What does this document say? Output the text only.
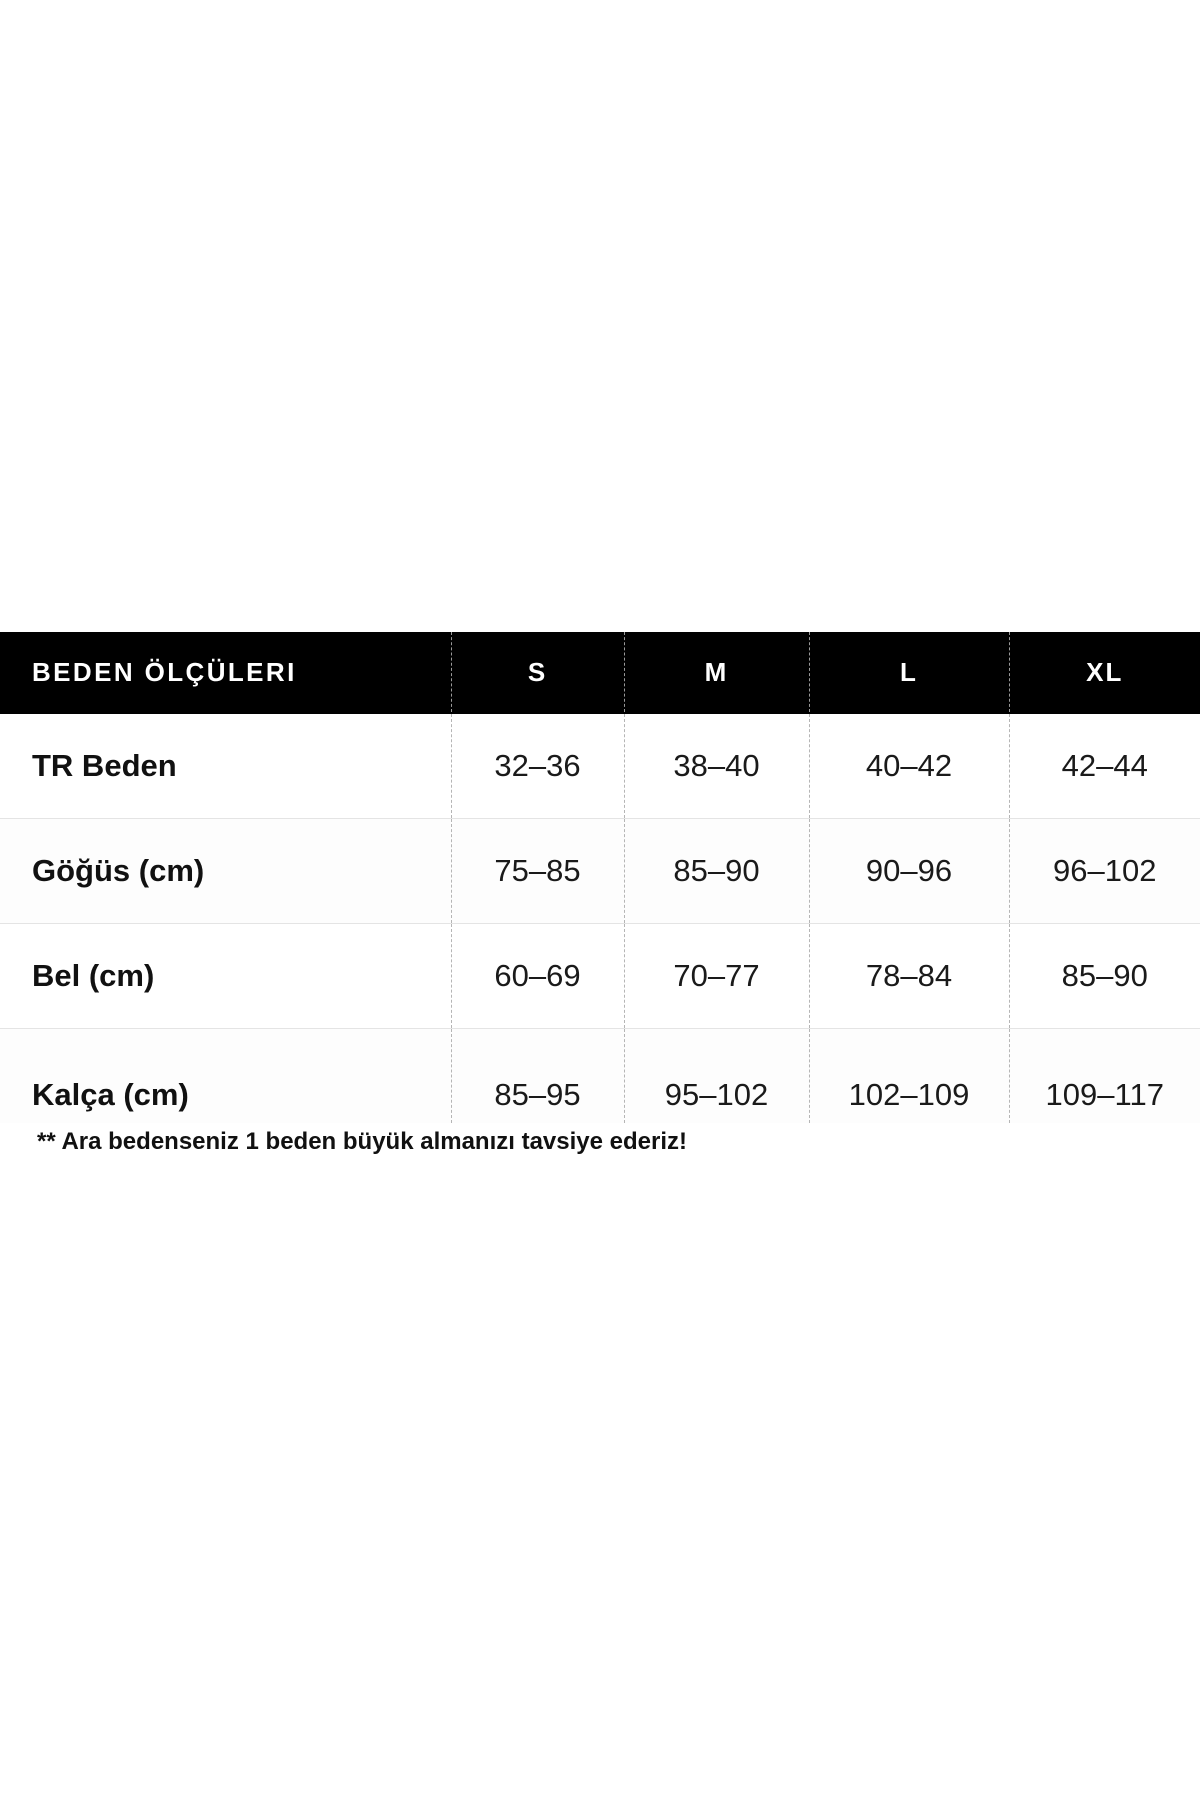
BEDEN ÖLÇÜLERI	S	M	L	XL
TR Beden	32–36	38–40	40–42	42–44
Göğüs (cm)	75–85	85–90	90–96	96–102
Bel (cm)	60–69	70–77	78–84	85–90
Kalça (cm)	85–95	95–102	102–109	109–117
** Ara bedenseniz 1 beden büyük almanızı tavsiye ederiz!
